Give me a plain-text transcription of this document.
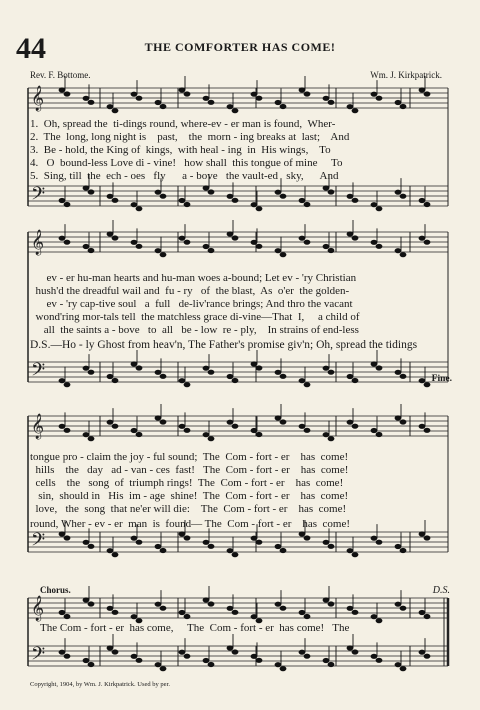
44	THE COMFORTER HAS COME!
Rev. F. Bottome.	Wm. J. Kirkpatrick.
𝄞
𝄢
𝄞
𝄢
𝄞
𝄢
𝄞
𝄢
1.  Oh, spread the  ti-dings round, where-ev - er man is found,  Wher-
2.  The  long, long night is    past,    the  morn - ing breaks at  last;    And
3.  Be - hold, the King of  kings,  with heal - ing  in  His wings,    To
4.   O  bound-less Love di - vine!   how shall  this tongue of mine     To
5.  Sing, till  the  ech - oes   fly      a - bove   the vault-ed   sky,      And
ev - er hu-man hearts and hu-man woes a-bound; Let ev - 'ry Christian
hush'd the dreadful wail and  fu - ry   of  the blast,  As  o'er  the golden-
ev - 'ry cap-tive soul   a  full   de-liv'rance brings; And thro the vacant
wond'ring mor-tals tell  the matchless grace di-vine—That  I,     a child of
all  the saints a - bove   to  all   be - low  re - ply,    In strains of end-less
D.S.—Ho - ly Ghost from heav'n, The Father's promise giv'n; Oh, spread the tidings
Fine.
tongue pro - claim the joy - ful sound;  The  Com - fort - er    has  come!
hills    the   day   ad - van - ces  fast!   The  Com - fort - er    has  come!
cells    the   song  of  triumph rings!  The  Com - fort - er    has  come!
sin,  should in   His  im - age  shine!  The  Com - fort - er    has  come!
love,   the  song  that ne'er will die:    The  Com - fort - er    has  come!
round, Wher - ev - er  man  is  found— The  Com - fort - er    has  come!
Chorus.	D.S.
The Com - fort - er  has come,     The  Com - fort - er  has come!   The
Copyright, 1904, by Wm. J. Kirkpatrick. Used by per.
